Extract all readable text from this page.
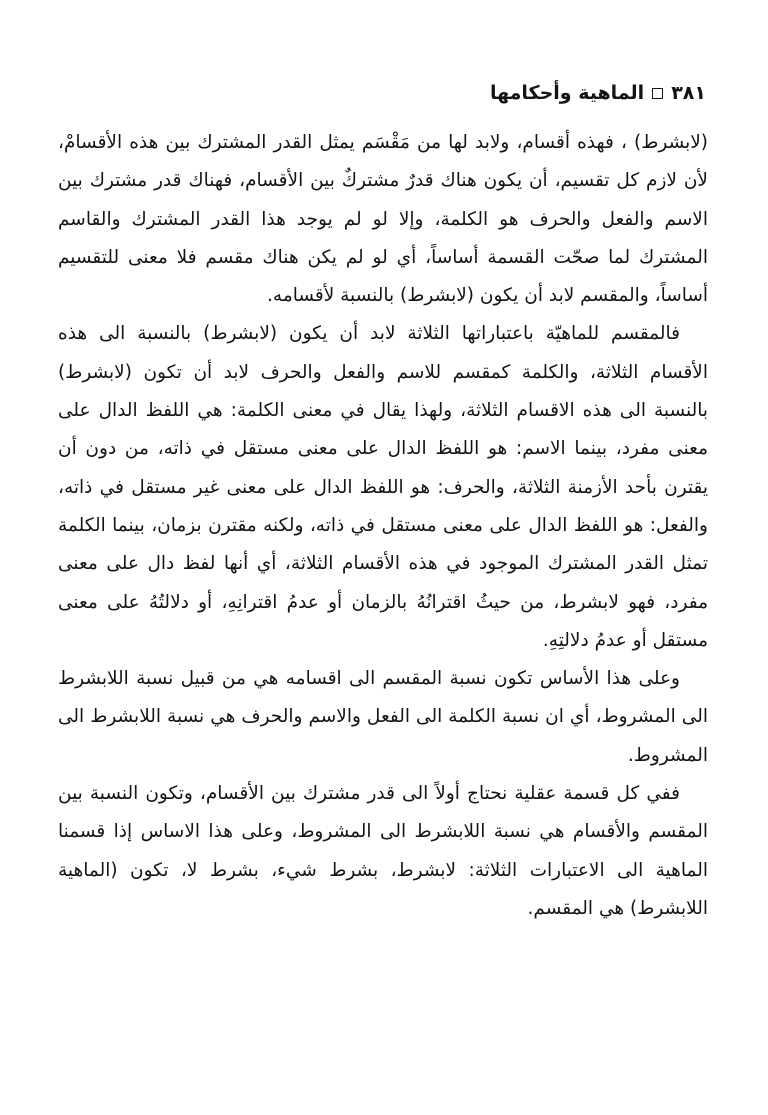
٣٨١
الماهية وأحكامها

(لابشرط) ، فهذه أقسام، ولابد لها من مَقْسَم يمثل القدر المشترك بين هذه الأقسامْ، لأن لازم كل تقسيم، أن يكون هناك قدرٌ مشتركٌ بين الأقسام، فهناك قدر مشترك بين الاسم والفعل والحرف هو الكلمة، وإلا لو لم يوجد هذا القدر المشترك والقاسم المشترك لما صحّت القسمة أساساً، أي لو لم يكن هناك مقسم فلا معنى للتقسيم أساساً، والمقسم لابد أن يكون (لابشرط) بالنسبة لأقسامه.

فالمقسم للماهيّة باعتباراتها الثلاثة لابد أن يكون (لابشرط) بالنسبة الى هذه الأقسام الثلاثة، والكلمة كمقسم للاسم والفعل والحرف لابد أن تكون (لابشرط) بالنسبة الى هذه الاقسام الثلاثة، ولهذا يقال في معنى الكلمة: هي اللفظ الدال على معنى مفرد، بينما الاسم: هو اللفظ الدال على معنى مستقل في ذاته، من دون أن يقترن بأحد الأزمنة الثلاثة، والحرف: هو اللفظ الدال على معنى غير مستقل في ذاته، والفعل: هو اللفظ الدال على معنى مستقل في ذاته، ولكنه مقترن بزمان، بينما الكلمة تمثل القدر المشترك الموجود في هذه الأقسام الثلاثة، أي أنها لفظ دال على معنى مفرد، فهو لابشرط، من حيثُ اقترانُهُ بالزمان أو عدمُ اقترانِهِ، أو دلالتُهُ على معنى مستقل أو عدمُ دلالتِهِ.

وعلى هذا الأساس تكون نسبة المقسم الى اقسامه هي من قبيل نسبة اللابشرط الى المشروط، أي ان نسبة الكلمة الى الفعل والاسم والحرف هي نسبة اللابشرط الى المشروط.

ففي كل قسمة عقلية نحتاج أولاً الى قدر مشترك بين الأقسام، وتكون النسبة بين المقسم والأقسام هي نسبة اللابشرط الى المشروط، وعلى هذا الاساس إذا قسمنا الماهية الى الاعتبارات الثلاثة: لابشرط، بشرط شيء، بشرط لا، تكون (الماهية اللابشرط) هي المقسم.
